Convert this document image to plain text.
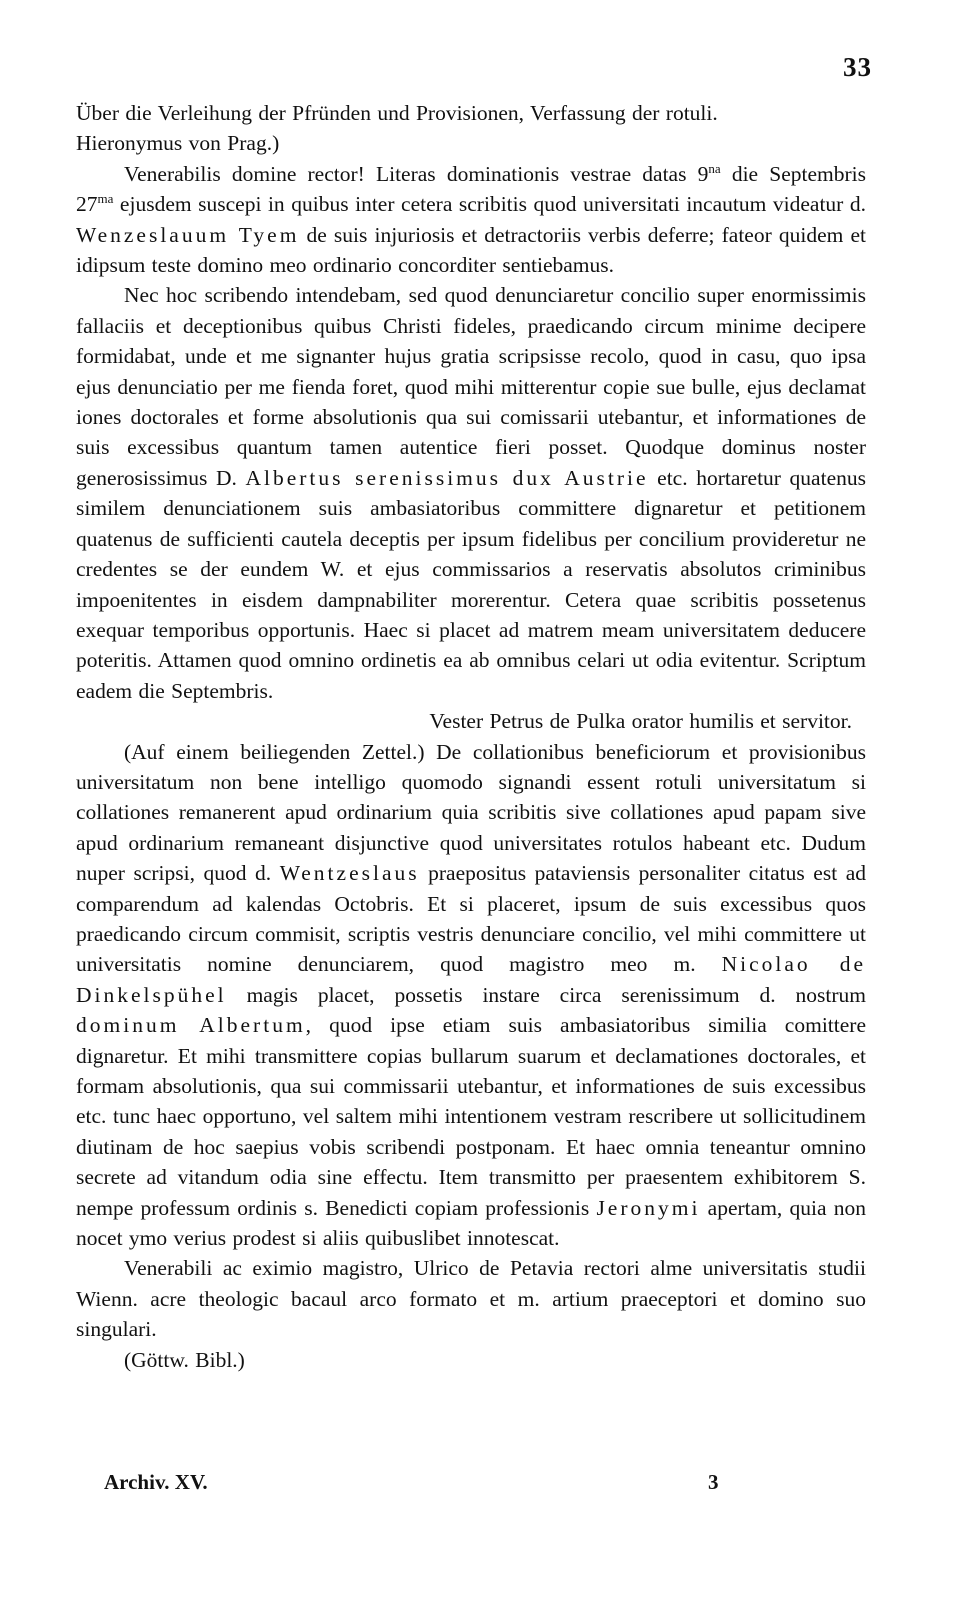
33

Über die Verleihung der Pfründen und Provisionen, Verfassung der rotuli.
Hieronymus von Prag.)

Venerabilis domine rector! Literas dominationis vestrae datas $9^{na}$ die Septembris $27^{ma}$ ejusdem suscepi in quibus inter cetera scribitis quod universitati incautum videatur d. Wenzeslauum Tyem de suis injuriosis et detractoriis verbis deferre; fateor quidem et idipsum teste domino meo ordinario concorditer sentiebamus.

Nec hoc scribendo intendebam, sed quod denunciaretur concilio super enormissimis fallaciis et deceptionibus quibus Christi fideles, praedicando circum minime decipere formidabat, unde et me signanter hujus gratia scripsisse recolo, quod in casu, quo ipsa ejus denunciatio per me fienda foret, quod mihi mitterentur copie sue bulle, ejus declamat iones doctorales et forme absolutionis qua sui comissarii utebantur, et informationes de suis excessibus quantum tamen autentice fieri posset. Quodque dominus noster generosissimus D. Albertus serenissimus dux Austrie etc. hortaretur quatenus similem denunciationem suis ambasiatoribus committere dignaretur et petitionem quatenus de sufficienti cautela deceptis per ipsum fidelibus per concilium provideretur ne credentes se der eundem W. et ejus commissarios a reservatis absolutos criminibus impoenitentes in eisdem dampnabiliter morerentur. Cetera quae scribitis possetenus exequar temporibus opportunis. Haec si placet ad matrem meam universitatem deducere poteritis. Attamen quod omnino ordinetis ea ab omnibus celari ut odia evitentur. Scriptum eadem die Septembris.

Vester Petrus de Pulka orator humilis et servitor.

(Auf einem beiliegenden Zettel.) De collationibus beneficiorum et provisionibus universitatum non bene intelligo quomodo signandi essent rotuli universitatum si collationes remanerent apud ordinarium quia scribitis sive collationes apud papam sive apud ordinarium remaneant disjunctive quod universitates rotulos habeant etc. Dudum nuper scripsi, quod d. Wentzeslaus praepositus pataviensis personaliter citatus est ad comparendum ad kalendas Octobris. Et si placeret, ipsum de suis excessibus quos praedicando circum commisit, scriptis vestris denunciare concilio, vel mihi committere ut universitatis nomine denunciarem, quod magistro meo m. Nicolao de Dinkelspühel magis placet, possetis instare circa serenissimum d. nostrum dominum Albertum, quod ipse etiam suis ambasiatoribus similia comittere dignaretur. Et mihi transmittere copias bullarum suarum et declamationes doctorales, et formam absolutionis, qua sui commissarii utebantur, et informationes de suis excessibus etc. tunc haec opportuno, vel saltem mihi intentionem vestram rescribere ut sollicitudinem diutinam de hoc saepius vobis scribendi postponam. Et haec omnia teneantur omnino secrete ad vitandum odia sine effectu. Item transmitto per praesentem exhibitorem S. nempe professum ordinis s. Benedicti copiam professionis Jeronymi apertam, quia non nocet ymo verius prodest si aliis quibuslibet innotescat.

Venerabili ac eximio magistro, Ulrico de Petavia rectori alme universitatis studii Wienn. acre theologic bacaul arco formato et m. artium praeceptori et domino suo singulari.

(Göttw. Bibl.)

Archiv. XV.	3
